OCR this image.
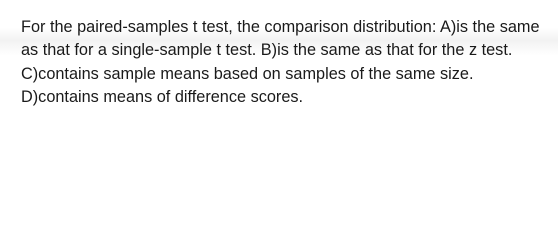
For the paired-samples t test, the comparison distribution: A)is the same as that for a single-sample t test. B)is the same as that for the z test. C)contains sample means based on samples of the same size. D)contains means of difference scores.
